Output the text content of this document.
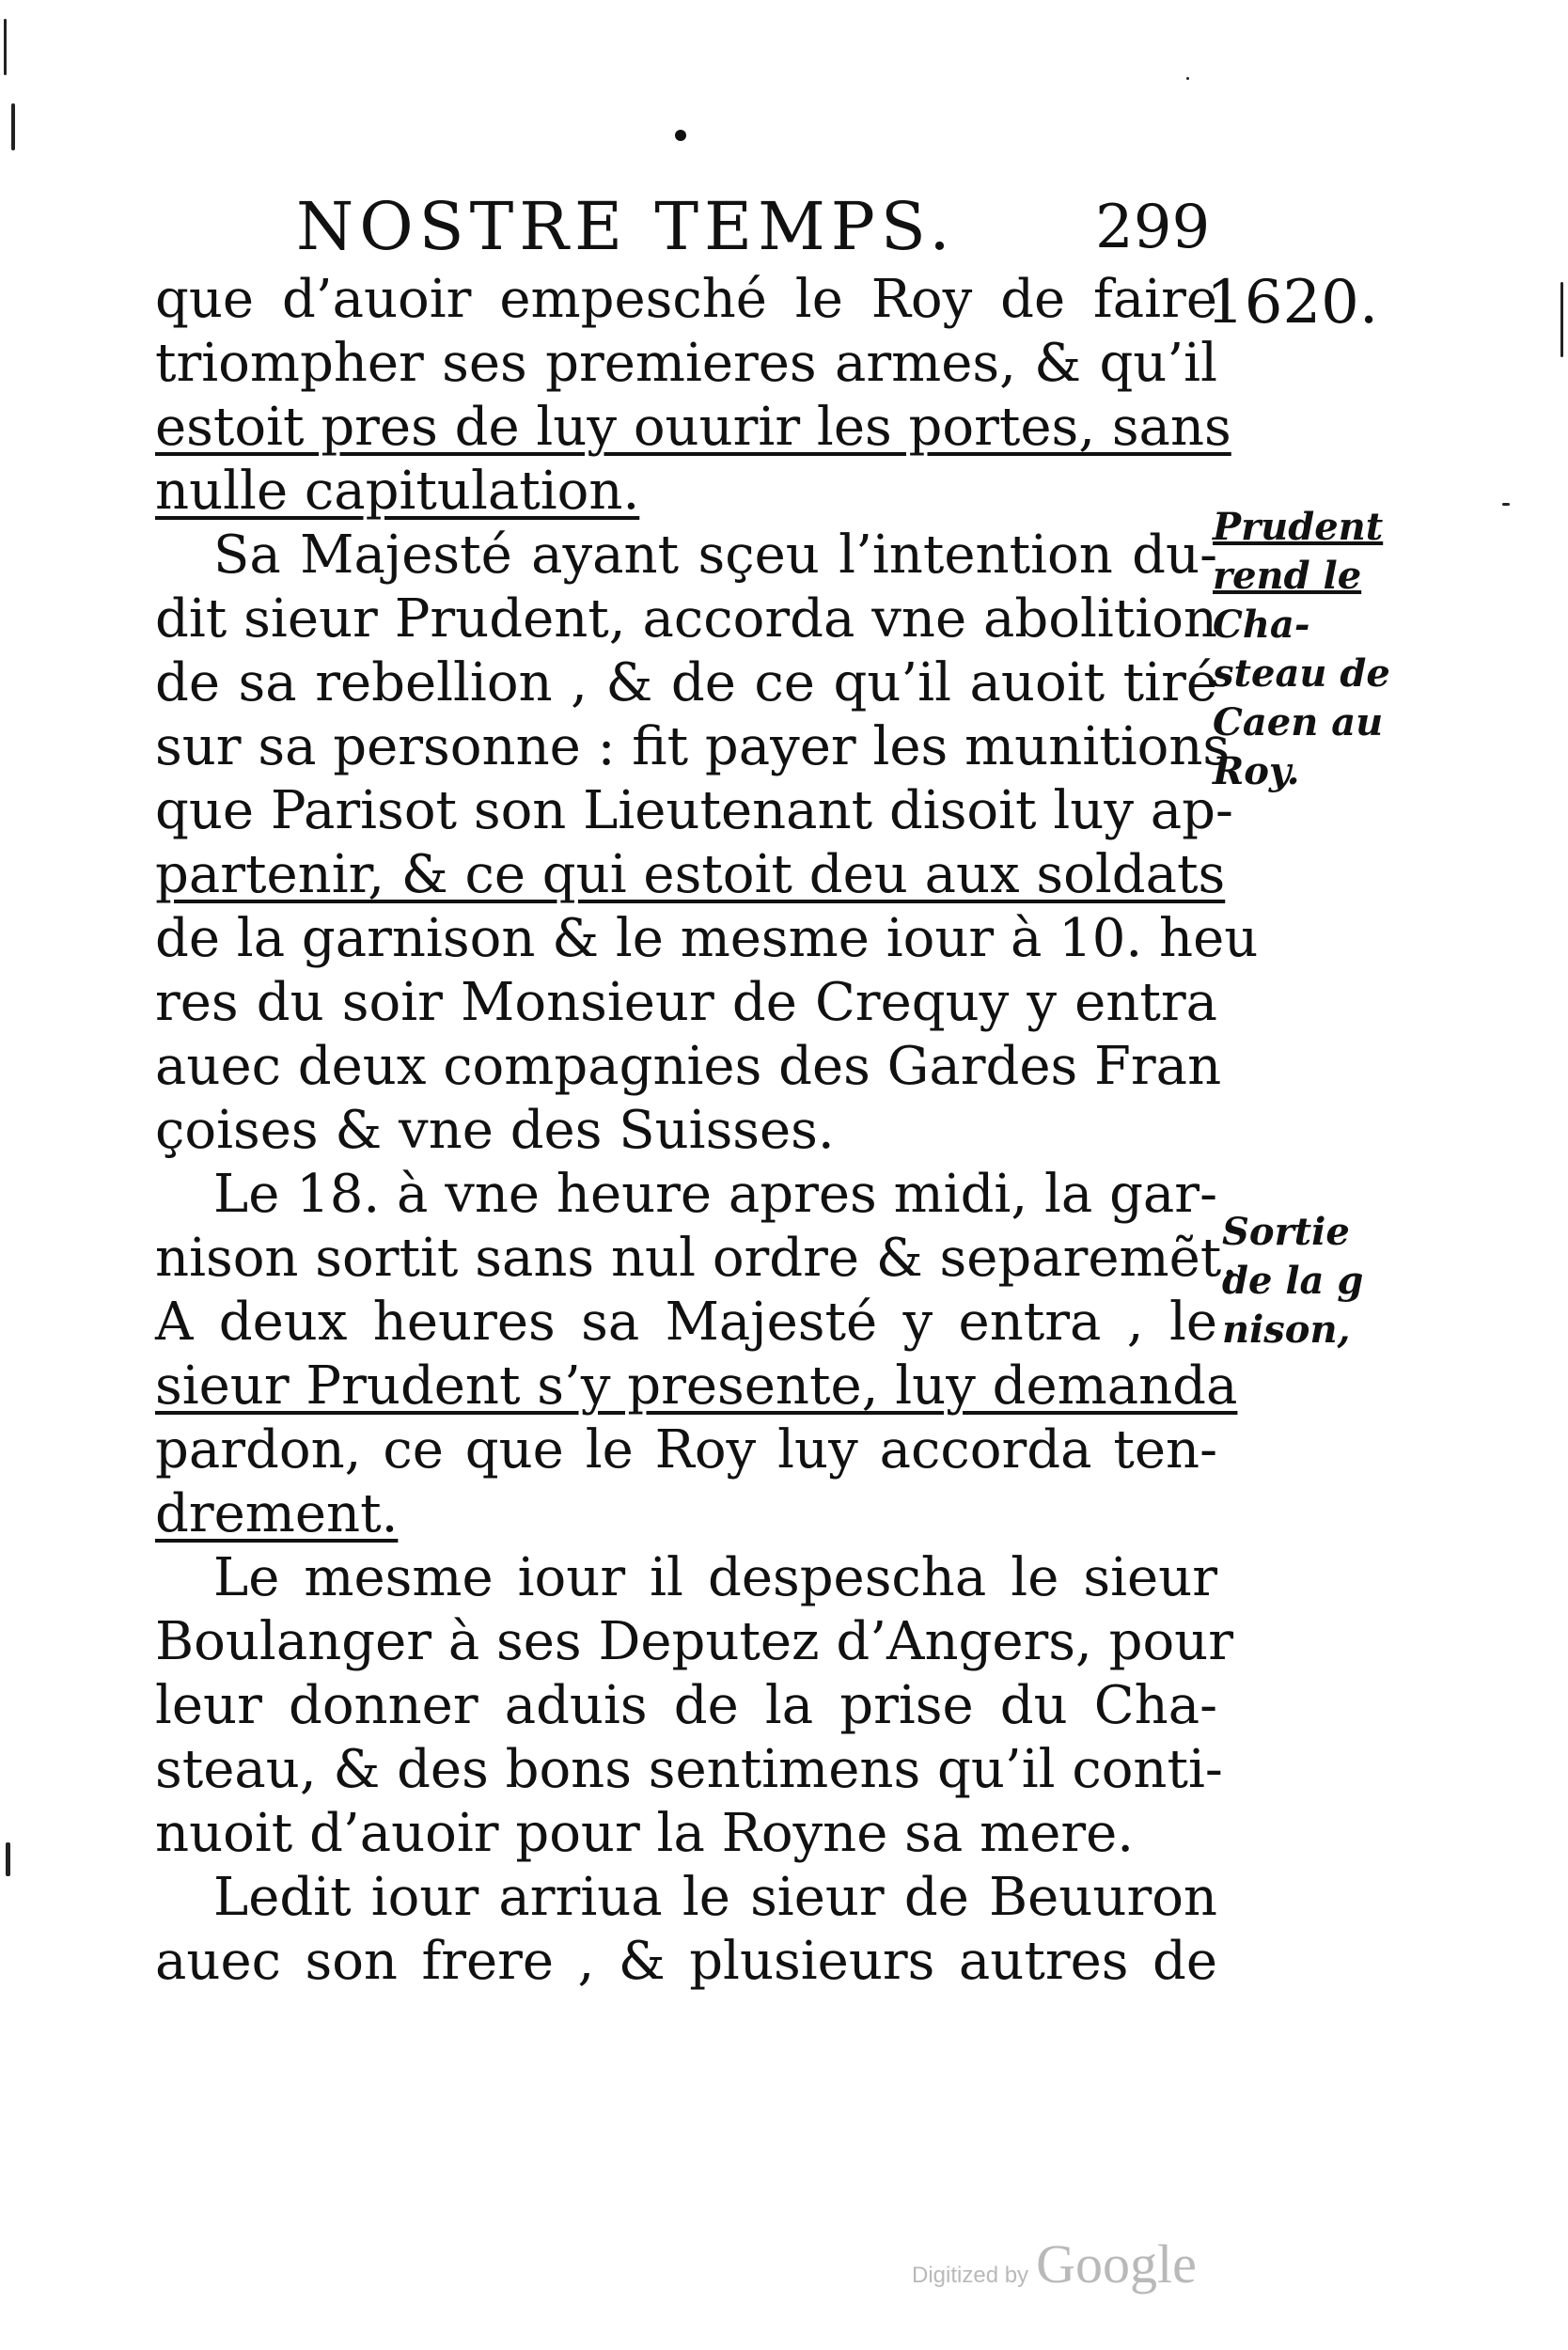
NOSTRE TEMPS. 299
1620.
que d’auoir empesché le Roy de faire
triompher ses premieres armes, & qu’il
estoit pres de luy ouurir les portes, sans
nulle capitulation.
Sa Majesté ayant sçeu l’intention du-
dit sieur Prudent, accorda vne abolition
de sa rebellion , & de ce qu’il auoit tiré
sur sa personne : fit payer les munitions
que Parisot son Lieutenant disoit luy ap-
partenir, & ce qui estoit deu aux soldats
de la garnison & le mesme iour à 10. heu
res du soir Monsieur de Crequy y entra
auec deux compagnies des Gardes Fran
çoises & vne des Suisses.
Le 18. à vne heure apres midi, la gar-
nison sortit sans nul ordre & separemẽt.
A deux heures sa Majesté y entra , le
sieur Prudent s’y presente, luy demanda
pardon, ce que le Roy luy accorda ten-
drement.
Le mesme iour il despescha le sieur
Boulanger à ses Deputez d’Angers, pour
leur donner aduis de la prise du Cha-
steau, & des bons sentimens qu’il conti-
nuoit d’auoir pour la Royne sa mere.
Ledit iour arriua le sieur de Beuuron
auec son frere , & plusieurs autres de
Prudent
rend le
Cha-
steau de
Caen au
Roy.
Sortie
de la g
nison,
Digitized by Google
